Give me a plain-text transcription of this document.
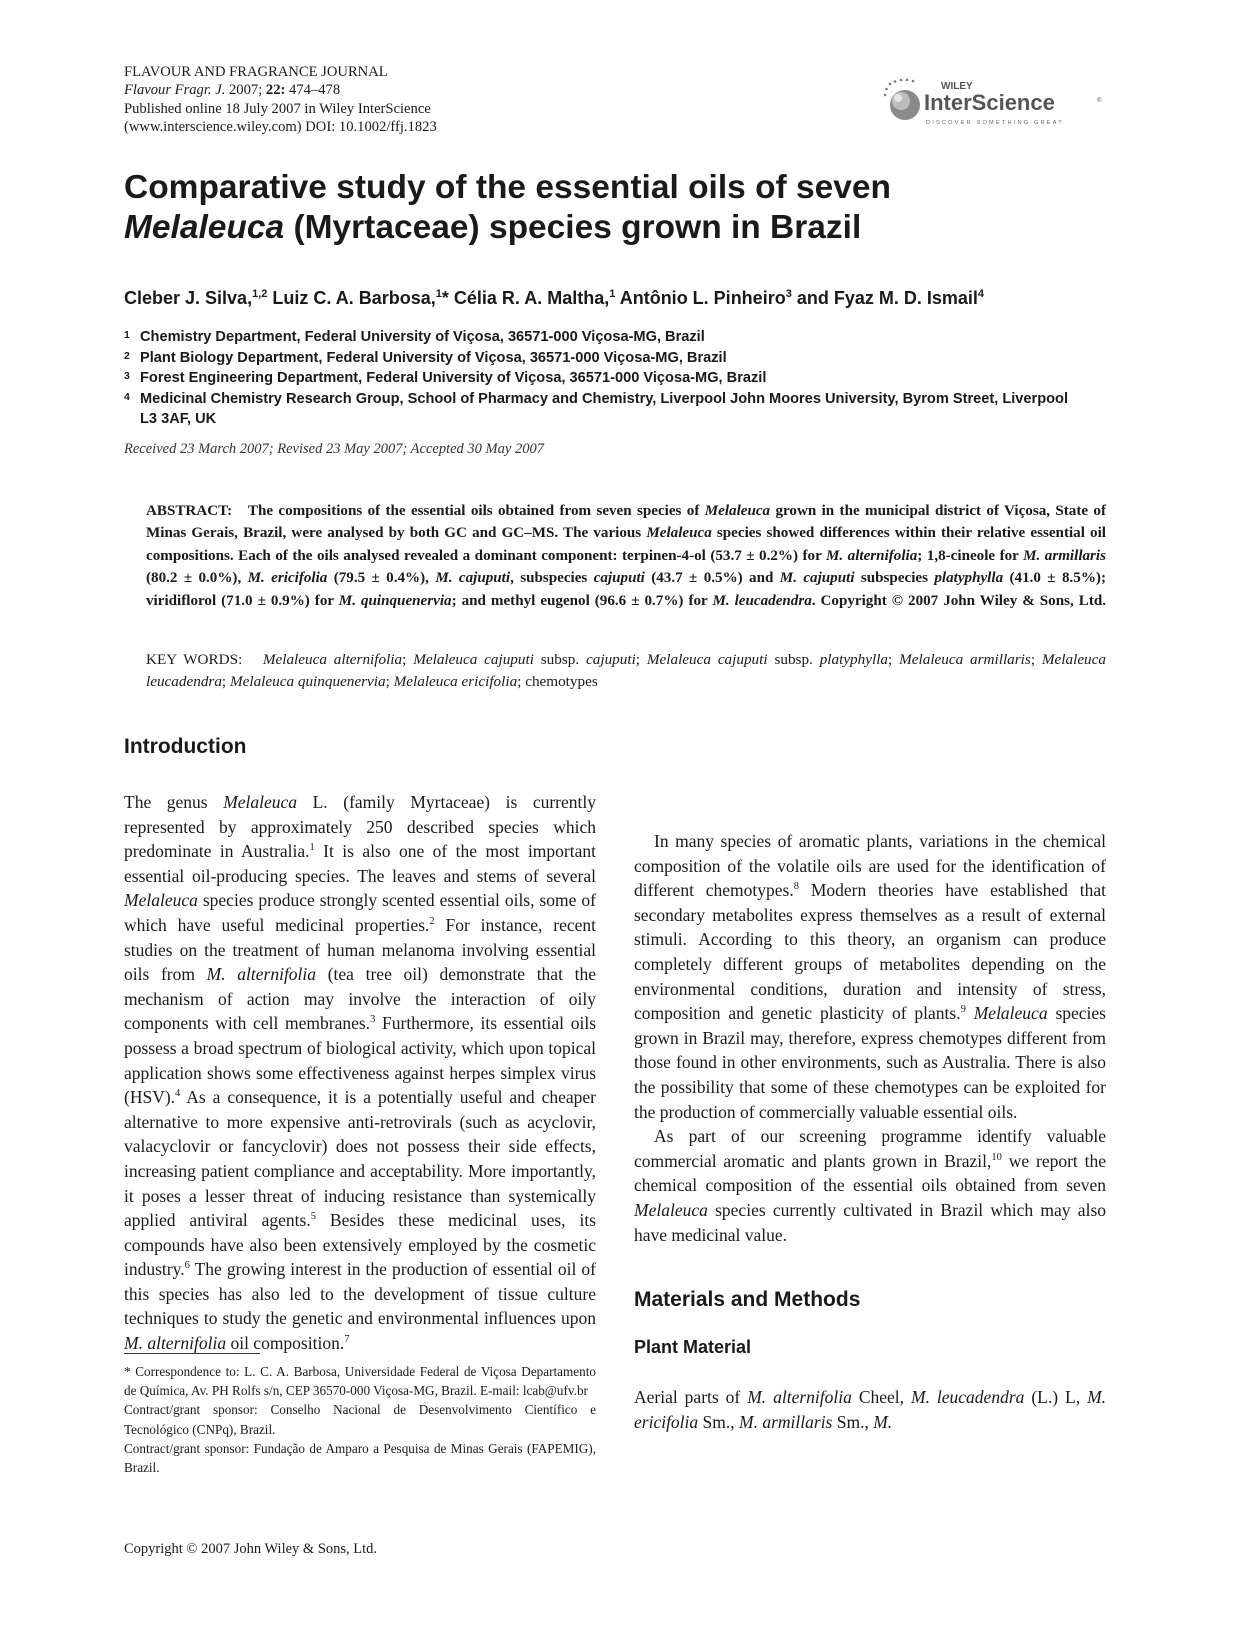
FLAVOUR AND FRAGRANCE JOURNAL
Flavour Fragr. J. 2007; 22: 474–478
Published online 18 July 2007 in Wiley InterScience
(www.interscience.wiley.com) DOI: 10.1002/ffj.1823
WILEY
InterScience	®
DISCOVER SOMETHING GREAT
Comparative study of the essential oils of seven
Melaleuca (Myrtaceae) species grown in Brazil
Cleber J. Silva,$^{1,2}$ Luiz C. A. Barbosa,$^1$* Célia R. A. Maltha,$^1$ Antônio L. Pinheiro$^3$ and Fyaz M. D. Ismail$^4$
1 Chemistry Department, Federal University of Viçosa, 36571-000 Viçosa-MG, Brazil
2 Plant Biology Department, Federal University of Viçosa, 36571-000 Viçosa-MG, Brazil
3 Forest Engineering Department, Federal University of Viçosa, 36571-000 Viçosa-MG, Brazil
4 Medicinal Chemistry Research Group, School of Pharmacy and Chemistry, Liverpool John Moores University, Byrom Street, Liverpool L3 3AF, UK
Received 23 March 2007; Revised 23 May 2007; Accepted 30 May 2007
ABSTRACT: The compositions of the essential oils obtained from seven species of Melaleuca grown in the municipal district of Viçosa, State of Minas Gerais, Brazil, were analysed by both GC and GC–MS. The various Melaleuca species showed differences within their relative essential oil compositions. Each of the oils analysed revealed a dominant component: terpinen-4-ol (53.7 ± 0.2%) for M. alternifolia; 1,8-cineole for M. armillaris (80.2 ± 0.0%), M. ericifolia (79.5 ± 0.4%), M. cajuputi, subspecies cajuputi (43.7 ± 0.5%) and M. cajuputi subspecies platyphylla (41.0 ± 8.5%); viridiflorol (71.0 ± 0.9%) for M. quinquenervia; and methyl eugenol (96.6 ± 0.7%) for M. leucadendra. Copyright © 2007 John Wiley & Sons, Ltd.
KEY WORDS: Melaleuca alternifolia; Melaleuca cajuputi subsp. cajuputi; Melaleuca cajuputi subsp. platyphylla; Melaleuca armillaris; Melaleuca leucadendra; Melaleuca quinquenervia; Melaleuca ericifolia; chemotypes
Introduction

The genus Melaleuca L. (family Myrtaceae) is currently represented by approximately 250 described species which predominate in Australia.$^1$ It is also one of the most important essential oil-producing species. The leaves and stems of several Melaleuca species produce strongly scented essential oils, some of which have useful medicinal properties.$^2$ For instance, recent studies on the treatment of human melanoma involving essential oils from M. alternifolia (tea tree oil) demonstrate that the mechanism of action may involve the interaction of oily components with cell membranes.$^3$ Furthermore, its essential oils possess a broad spectrum of biological activity, which upon topical application shows some effectiveness against herpes simplex virus (HSV).$^4$ As a consequence, it is a potentially useful and cheaper alternative to more expensive anti-retrovirals (such as acyclovir, valacyclovir or fancyclovir) does not possess their side effects, increasing patient compliance and acceptability. More importantly, it poses a lesser threat of inducing resistance than systemically applied antiviral agents.$^5$ Besides these medicinal uses, its compounds have also been extensively employed by the cosmetic industry.$^6$ The growing interest in the production of essential oil of this species has also led to the development of tissue culture techniques to study the genetic and environmental influences upon M. alternifolia oil composition.$^7$

In many species of aromatic plants, variations in the chemical composition of the volatile oils are used for the identification of different chemotypes.$^8$ Modern theories have established that secondary metabolites express themselves as a result of external stimuli. According to this theory, an organism can produce completely different groups of metabolites depending on the environmental conditions, duration and intensity of stress, composition and genetic plasticity of plants.$^9$ Melaleuca species grown in Brazil may, therefore, express chemotypes different from those found in other environments, such as Australia. There is also the possibility that some of these chemotypes can be exploited for the production of commercially valuable essential oils.

As part of our screening programme identify valuable commercial aromatic and plants grown in Brazil,$^{10}$ we report the chemical composition of the essential oils obtained from seven Melaleuca species currently cultivated in Brazil which may also have medicinal value.

Materials and Methods
Plant Material

Aerial parts of M. alternifolia Cheel, M. leucadendra (L.) L, M. ericifolia Sm., M. armillaris Sm., M.

* Correspondence to: L. C. A. Barbosa, Universidade Federal de Viçosa Departamento de Química, Av. PH Rolfs s/n, CEP 36570-000 Viçosa-MG, Brazil. E-mail: lcab@ufv.br

Contract/grant sponsor: Conselho Nacional de Desenvolvimento Científico e Tecnológico (CNPq), Brazil.

Contract/grant sponsor: Fundação de Amparo a Pesquisa de Minas Gerais (FAPEMIG), Brazil.

Copyright © 2007 John Wiley & Sons, Ltd.
